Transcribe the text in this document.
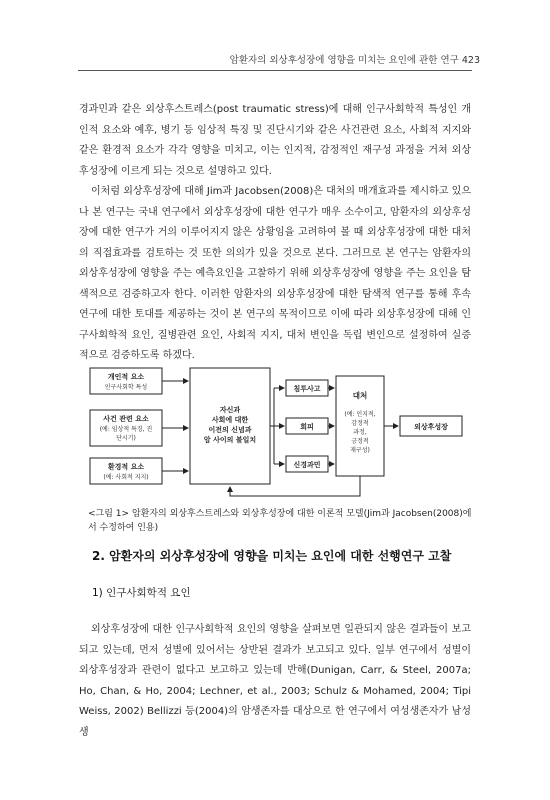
암환자의 외상후성장에 영향을 미치는 요인에 관한 연구 423

경과민과 같은 외상후스트레스(post traumatic stress)에 대해 인구사회학적 특성인 개인적 요소와 예후, 병기 등 임상적 특징 및 진단시기와 같은 사건관련 요소, 사회적 지지와 같은 환경적 요소가 각각 영향을 미치고, 이는 인지적, 감정적인 재구성 과정을 거쳐 외상후성장에 이르게 되는 것으로 설명하고 있다.

이처럼 외상후성장에 대해 Jim과 Jacobsen(2008)은 대처의 매개효과를 제시하고 있으나 본 연구는 국내 연구에서 외상후성장에 대한 연구가 매우 소수이고, 암환자의 외상후성장에 대한 연구가 거의 이루어지지 않은 상황임을 고려하여 볼 때 외상후성장에 대한 대처의 직접효과를 검토하는 것 또한 의의가 있을 것으로 본다. 그러므로 본 연구는 암환자의 외상후성장에 영향을 주는 예측요인을 고찰하기 위해 외상후성장에 영향을 주는 요인을 탐색적으로 검증하고자 한다. 이러한 암환자의 외상후성장에 대한 탐색적 연구를 통해 후속연구에 대한 토대를 제공하는 것이 본 연구의 목적이므로 이에 따라 외상후성장에 대해 인구사회학적 요인, 질병관련 요인, 사회적 지지, 대처 변인을 독립 변인으로 설정하여 실증적으로 검증하도록 하겠다.

개인적 요소
인구사회학 특성
사건 관련 요소
(예: 임상적 특징, 진
단시기)
환경적 요소
(예: 사회적 지지)
자신과
사회에 대한
이전의 신념과
암 사이의 불일치
침투사고
회피
신경과민
대처
(예: 인지적,
감정적
과정,
긍정적
재구성)
외상후성장
<그림 1> 암환자의 외상후스트레스와 외상후성장에 대한 이론적 모델(Jim과 Jacobsen(2008)에서 수정하여 인용)
2. 암환자의 외상후성장에 영향을 미치는 요인에 대한 선행연구 고찰
1) 인구사회학적 요인

외상후성장에 대한 인구사회학적 요인의 영향을 살펴보면 일관되지 않은 결과들이 보고되고 있는데, 먼저 성별에 있어서는 상반된 결과가 보고되고 있다. 일부 연구에서 성별이 외상후성장과 관련이 없다고 보고하고 있는데 반해(Dunigan, Carr, & Steel, 2007a; Ho, Chan, & Ho, 2004; Lechner, et al., 2003; Schulz & Mohamed, 2004; Tipi Weiss, 2002) Bellizzi 등(2004)의 암생존자를 대상으로 한 연구에서 여성생존자가 남성생
